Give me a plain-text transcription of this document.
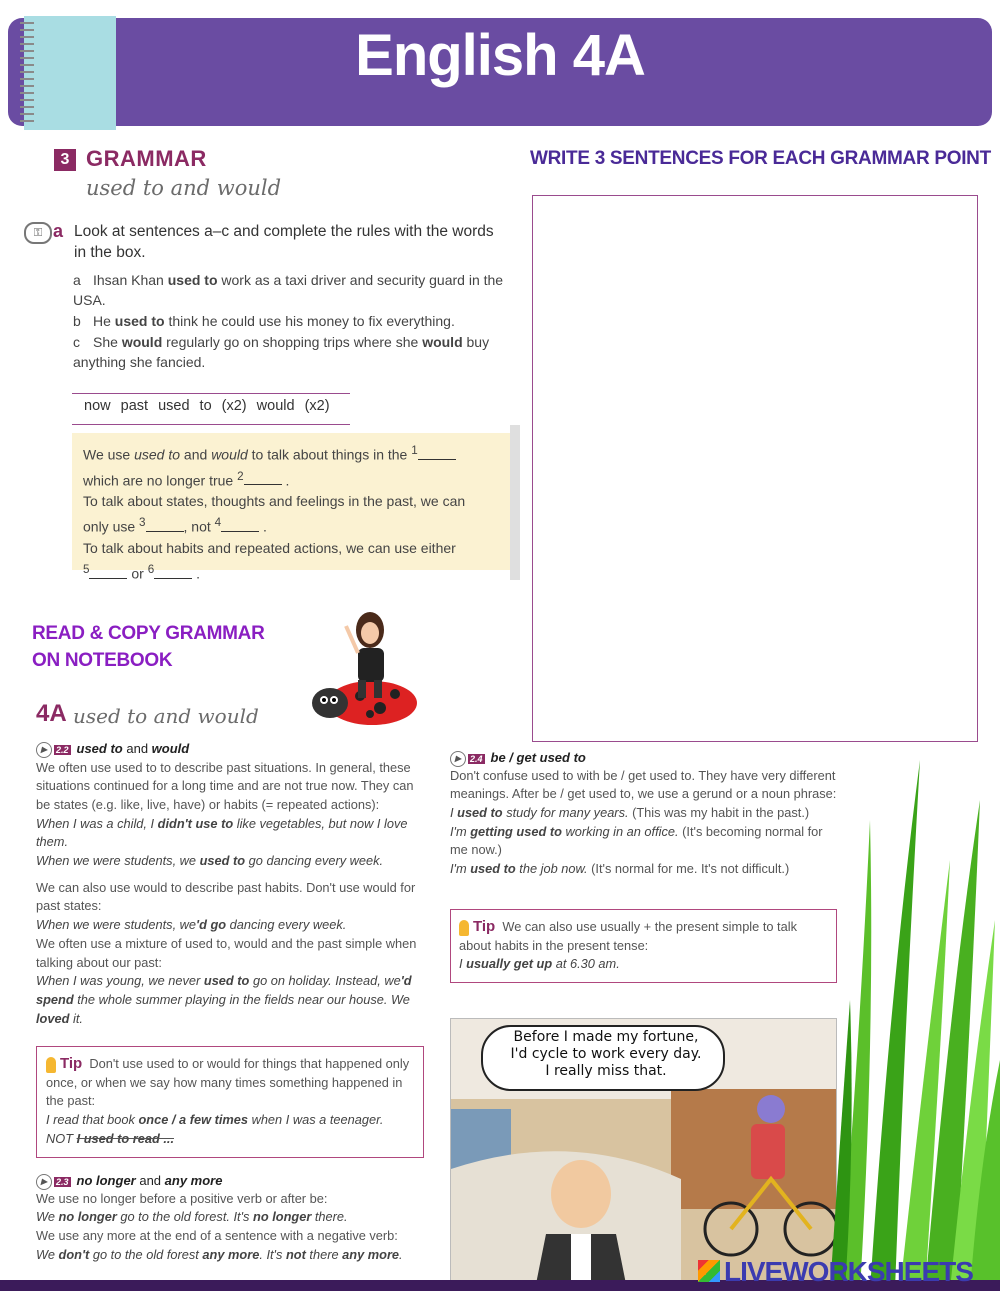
English 4A
3 GRAMMAR
used to and would
WRITE 3 SENTENCES FOR EACH GRAMMAR POINT
⚿ a Look at sentences a–c and complete the rules with the words in the box.
a Ihsan Khan used to work as a taxi driver and security guard in the USA.
b He used to think he could use his money to fix everything.
c She would regularly go on shopping trips where she would buy anything she fancied.
now past used to (x2) would (x2)
We use used to and would to talk about things in the $^1$
which are no longer true $^2$	.
To talk about states, thoughts and feelings in the past, we can
only use $^3$	, not $^4$	.
To talk about habits and repeated actions, we can use either
$^5$	or $^6$	.
READ & COPY GRAMMAR
ON NOTEBOOK
4A used to and would
▶ 2.2 used to and would
We often use used to to describe past situations. In general, these situations continued for a long time and are not true now. They can be states (e.g. like, live, have) or habits (= repeated actions):
When I was a child, I didn't use to like vegetables, but now I love them.
When we were students, we used to go dancing every week.
We can also use would to describe past habits. Don't use would for past states:
When we were students, we'd go dancing every week.
We often use a mixture of used to, would and the past simple when talking about our past:
When I was young, we never used to go on holiday. Instead, we'd spend the whole summer playing in the fields near our house. We loved it.
Tip Don't use used to or would for things that happened only once, or when we say how many times something happened in the past:
I read that book once / a few times when I was a teenager.
NOT I used to read ...
▶ 2.3 no longer and any more
We use no longer before a positive verb or after be:
We no longer go to the old forest. It's no longer there.
We use any more at the end of a sentence with a negative verb:
We don't go to the old forest any more. It's not there any more.
▶ 2.4 be / get used to
Don't confuse used to with be / get used to. They have very different meanings. After be / get used to, we use a gerund or a noun phrase:
I used to study for many years. (This was my habit in the past.)
I'm getting used to working in an office. (It's becoming normal for me now.)
I'm used to the job now. (It's normal for me. It's not difficult.)
Tip We can also use usually + the present simple to talk about habits in the present tense:
I usually get up at 6.30 am.
Before I made my fortune,
I'd cycle to work every day.
I really miss that.
LIVEWORKSHEETS
